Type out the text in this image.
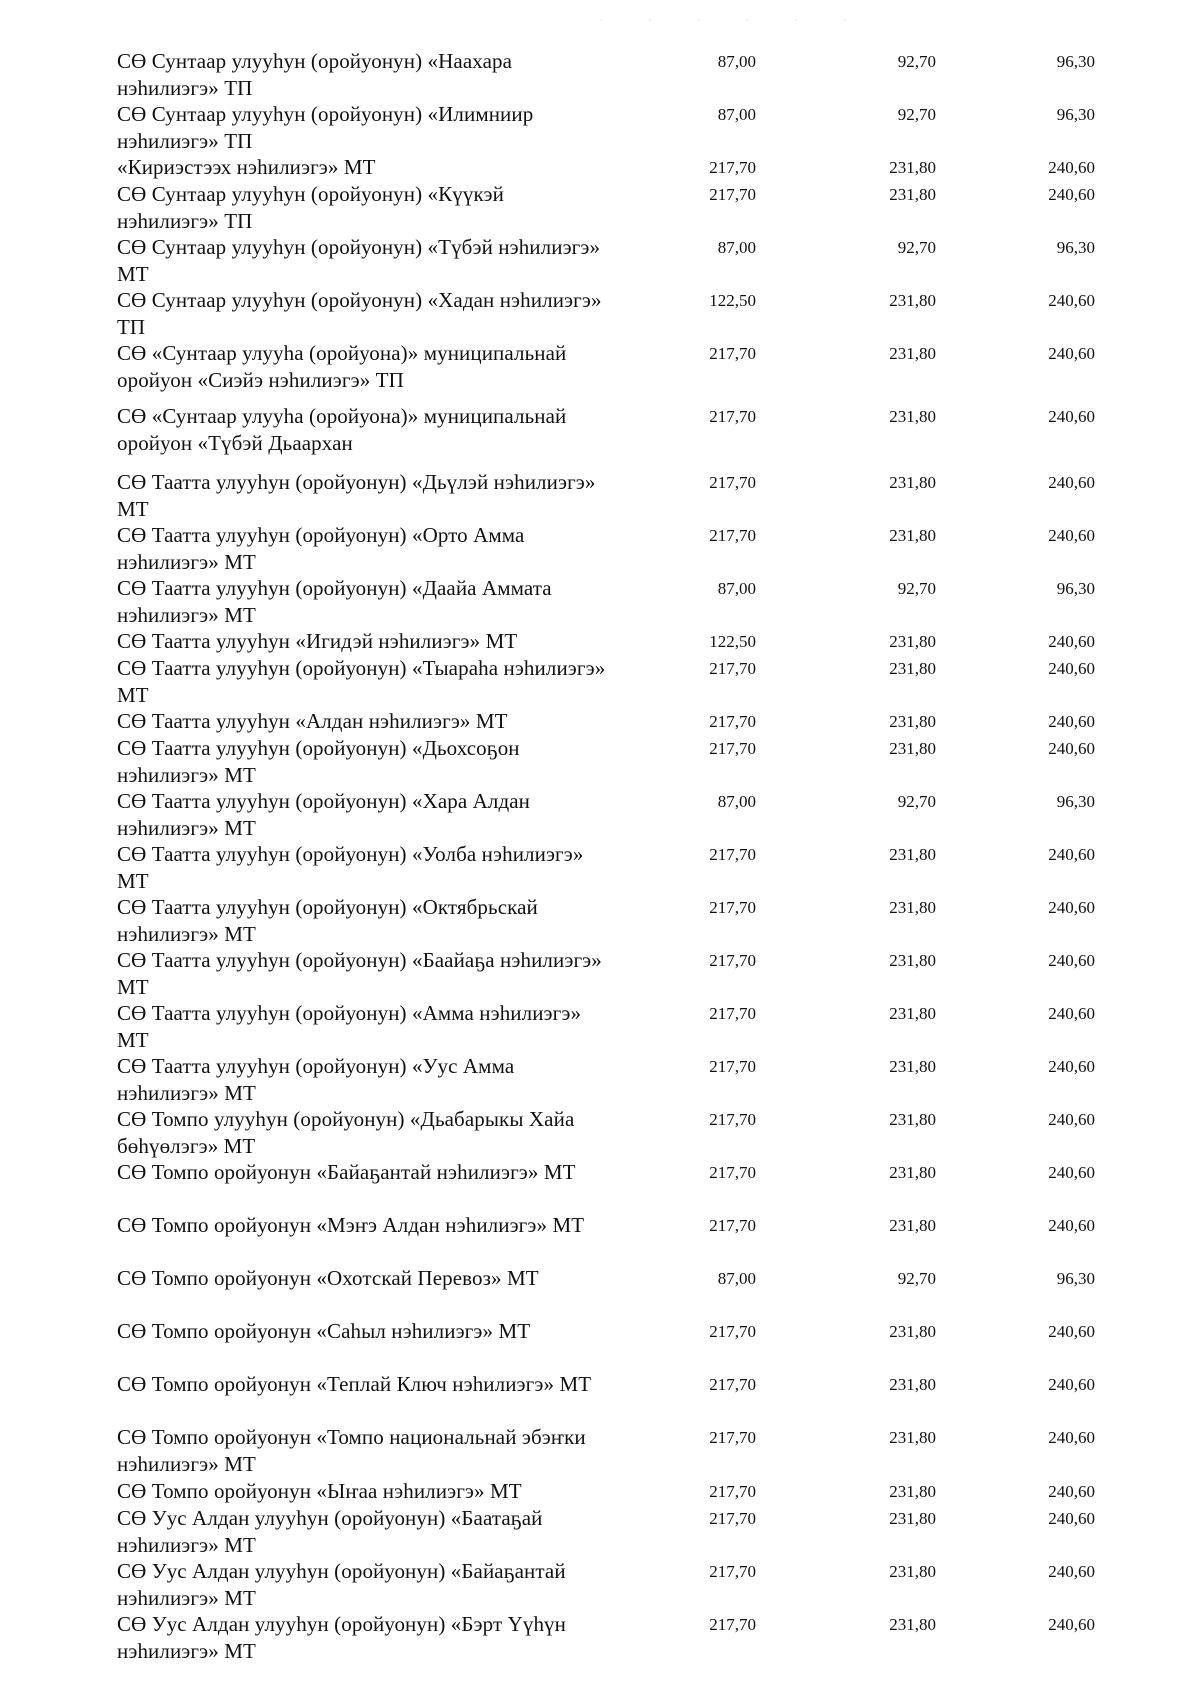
· · · · · ·
СӨ Сунтаар улууһун (оройуонун) «Наахара нэһилиэгэ» ТП
87,00	92,70	96,30
СӨ Сунтаар улууһун (оройуонун) «Илимниир нэһилиэгэ» ТП
87,00	92,70	96,30
«Кириэстээх нэһилиэгэ» МТ	217,70	231,80	240,60
СӨ Сунтаар улууһун (оройуонун) «Күүкэй нэһилиэгэ» ТП
217,70	231,80	240,60
СӨ Сунтаар улууһун (оройуонун) «Түбэй нэһилиэгэ» МТ
87,00	92,70	96,30
СӨ Сунтаар улууһун (оройуонун) «Хадан нэһилиэгэ» ТП
122,50	231,80	240,60
СӨ «Сунтаар улууһа (оройуона)» муниципальнай оройуон «Сиэйэ нэһилиэгэ» ТП
217,70	231,80	240,60
СӨ «Сунтаар улууһа (оройуона)» муниципальнай оройуон «Түбэй Дьаархан
217,70	231,80	240,60
СӨ Таатта улууһун (оройуонун) «Дьүлэй нэһилиэгэ» МТ
217,70	231,80	240,60
СӨ Таатта улууһун (оройуонун) «Орто Амма нэһилиэгэ» МТ
217,70	231,80	240,60
СӨ Таатта улууһун (оройуонун) «Даайа Аммата нэһилиэгэ» МТ
87,00	92,70	96,30
СӨ Таатта улууһун «Игидэй нэһилиэгэ» МТ	122,50	231,80	240,60
СӨ Таатта улууһун (оройуонун) «Тыараһа нэһилиэгэ» МТ
217,70	231,80	240,60
СӨ Таатта улууһун «Алдан нэһилиэгэ» МТ	217,70	231,80	240,60
СӨ Таатта улууһун (оройуонун) «Дьохсоҕон нэһилиэгэ» МТ
217,70	231,80	240,60
СӨ Таатта улууһун (оройуонун) «Хара Алдан нэһилиэгэ» МТ
87,00	92,70	96,30
СӨ Таатта улууһун (оройуонун) «Уолба нэһилиэгэ» МТ
217,70	231,80	240,60
СӨ Таатта улууһун (оройуонун) «Октябрьскай нэһилиэгэ» МТ
217,70	231,80	240,60
СӨ Таатта улууһун (оройуонун) «Баайаҕа нэһилиэгэ» МТ
217,70	231,80	240,60
СӨ Таатта улууһун (оройуонун) «Амма нэһилиэгэ» МТ
217,70	231,80	240,60
СӨ Таатта улууһун (оройуонун) «Уус Амма нэһилиэгэ» МТ
217,70	231,80	240,60
СӨ Томпо улууһун (оройуонун) «Дьабарыкы Хайа бөһүөлэгэ» МТ
217,70	231,80	240,60
СӨ Томпо оройуонун «Байаҕантай нэһилиэгэ» МТ	217,70	231,80	240,60
СӨ Томпо оройуонун «Мэҥэ Алдан нэһилиэгэ» МТ	217,70	231,80	240,60
СӨ Томпо оройуонун «Охотскай Перевоз» МТ	87,00	92,70	96,30
СӨ Томпо оройуонун «Саһыл нэһилиэгэ» МТ	217,70	231,80	240,60
СӨ Томпо оройуонун «Теплай Ключ нэһилиэгэ» МТ	217,70	231,80	240,60
СӨ Томпо оройуонун «Томпо национальнай эбэҥки нэһилиэгэ» МТ
217,70	231,80	240,60
СӨ Томпо оройуонун «Ыҥаа нэһилиэгэ» МТ	217,70	231,80	240,60
СӨ Уус Алдан улууһун (оройуонун) «Баатаҕай нэһилиэгэ» МТ
217,70	231,80	240,60
СӨ Уус Алдан улууһун (оройуонун) «Байаҕантай нэһилиэгэ» МТ
217,70	231,80	240,60
СӨ Уус Алдан улууһун (оройуонун) «Бэрт Үүһүн нэһилиэгэ» МТ
217,70	231,80	240,60
